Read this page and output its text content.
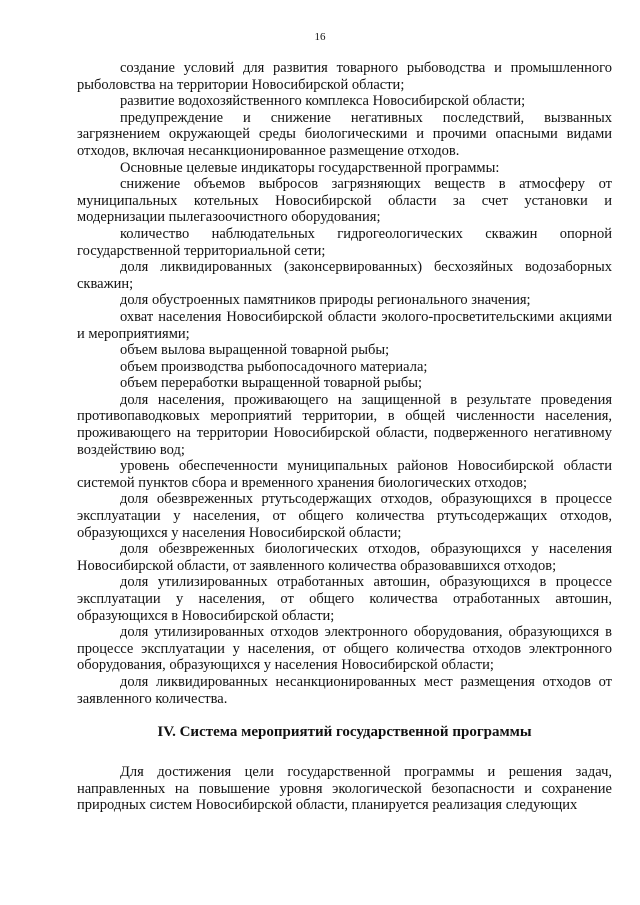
16

создание условий для развития товарного рыбоводства и промышленного рыболовства на территории Новосибирской области;

развитие водохозяйственного комплекса Новосибирской области;

предупреждение и снижение негативных последствий, вызванных загрязнением окружающей среды биологическими и прочими опасными видами отходов, включая несанкционированное размещение отходов.

Основные целевые индикаторы государственной программы:

снижение объемов выбросов загрязняющих веществ в атмосферу от муниципальных котельных Новосибирской области за счет установки и модернизации пылегазоочистного оборудования;

количество наблюдательных гидрогеологических скважин опорной государственной территориальной сети;

доля ликвидированных (законсервированных) бесхозяйных водозаборных скважин;

доля обустроенных памятников природы регионального значения;

охват населения Новосибирской области эколого-просветительскими акциями и мероприятиями;

объем вылова выращенной товарной рыбы;

объем производства рыбопосадочного материала;

объем переработки выращенной товарной рыбы;

доля населения, проживающего на защищенной в результате проведения противопаводковых мероприятий территории, в общей численности населения, проживающего на территории Новосибирской области, подверженного негативному воздействию вод;

уровень обеспеченности муниципальных районов Новосибирской области системой пунктов сбора и временного хранения биологических отходов;

доля обезвреженных ртутьсодержащих отходов, образующихся в процессе эксплуатации у населения, от общего количества ртутьсодержащих отходов, образующихся у населения Новосибирской области;

доля обезвреженных биологических отходов, образующихся у населения Новосибирской области, от заявленного количества образовавшихся отходов;

доля утилизированных отработанных автошин, образующихся в процессе эксплуатации у населения, от общего количества отработанных автошин, образующихся в Новосибирской области;

доля утилизированных отходов электронного оборудования, образующихся в процессе эксплуатации у населения, от общего количества отходов электронного оборудования, образующихся у населения Новосибирской области;

доля ликвидированных несанкционированных мест размещения отходов от заявленного количества.

IV. Система мероприятий государственной программы

Для достижения цели государственной программы и решения задач, направленных на повышение уровня экологической безопасности и сохранение природных систем Новосибирской области, планируется реализация следующих
